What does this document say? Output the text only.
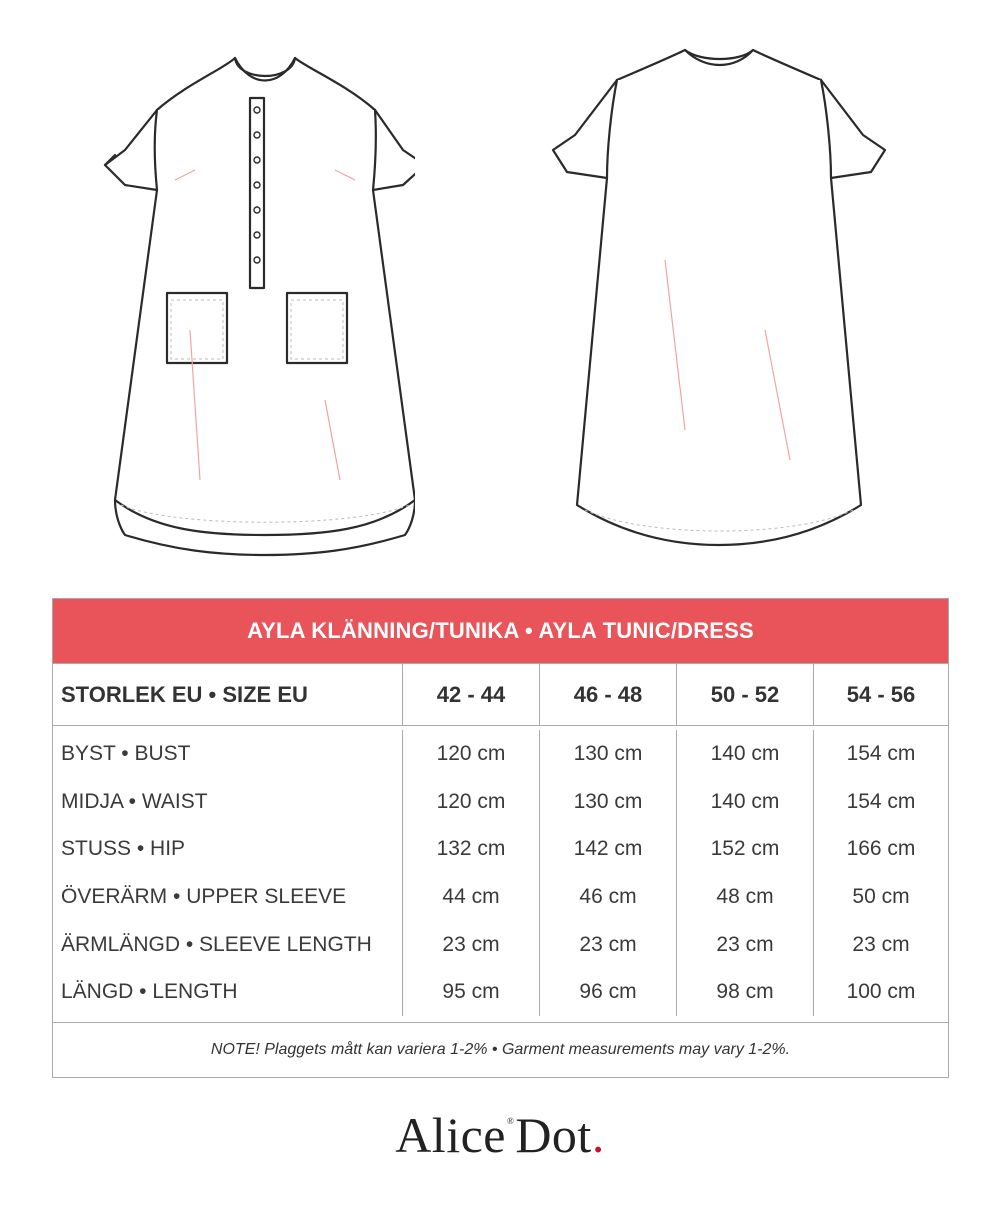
AYLA KLÄNNING/TUNIKA • AYLA TUNIC/DRESS
STORLEK EU • SIZE EU	42 - 44	46 - 48	50 - 52	54 - 56
BYST • BUST	120 cm	130 cm	140 cm	154 cm
MIDJA • WAIST	120 cm	130 cm	140 cm	154 cm
STUSS • HIP	132 cm	142 cm	152 cm	166 cm
ÖVERÄRM • UPPER SLEEVE	44 cm	46 cm	48 cm	50 cm
ÄRMLÄNGD • SLEEVE LENGTH	23 cm	23 cm	23 cm	23 cm
LÄNGD • LENGTH	95 cm	96 cm	98 cm	100 cm
NOTE! Plaggets mått kan variera 1-2% • Garment measurements may vary 1-2%.
Alice®Dot.
